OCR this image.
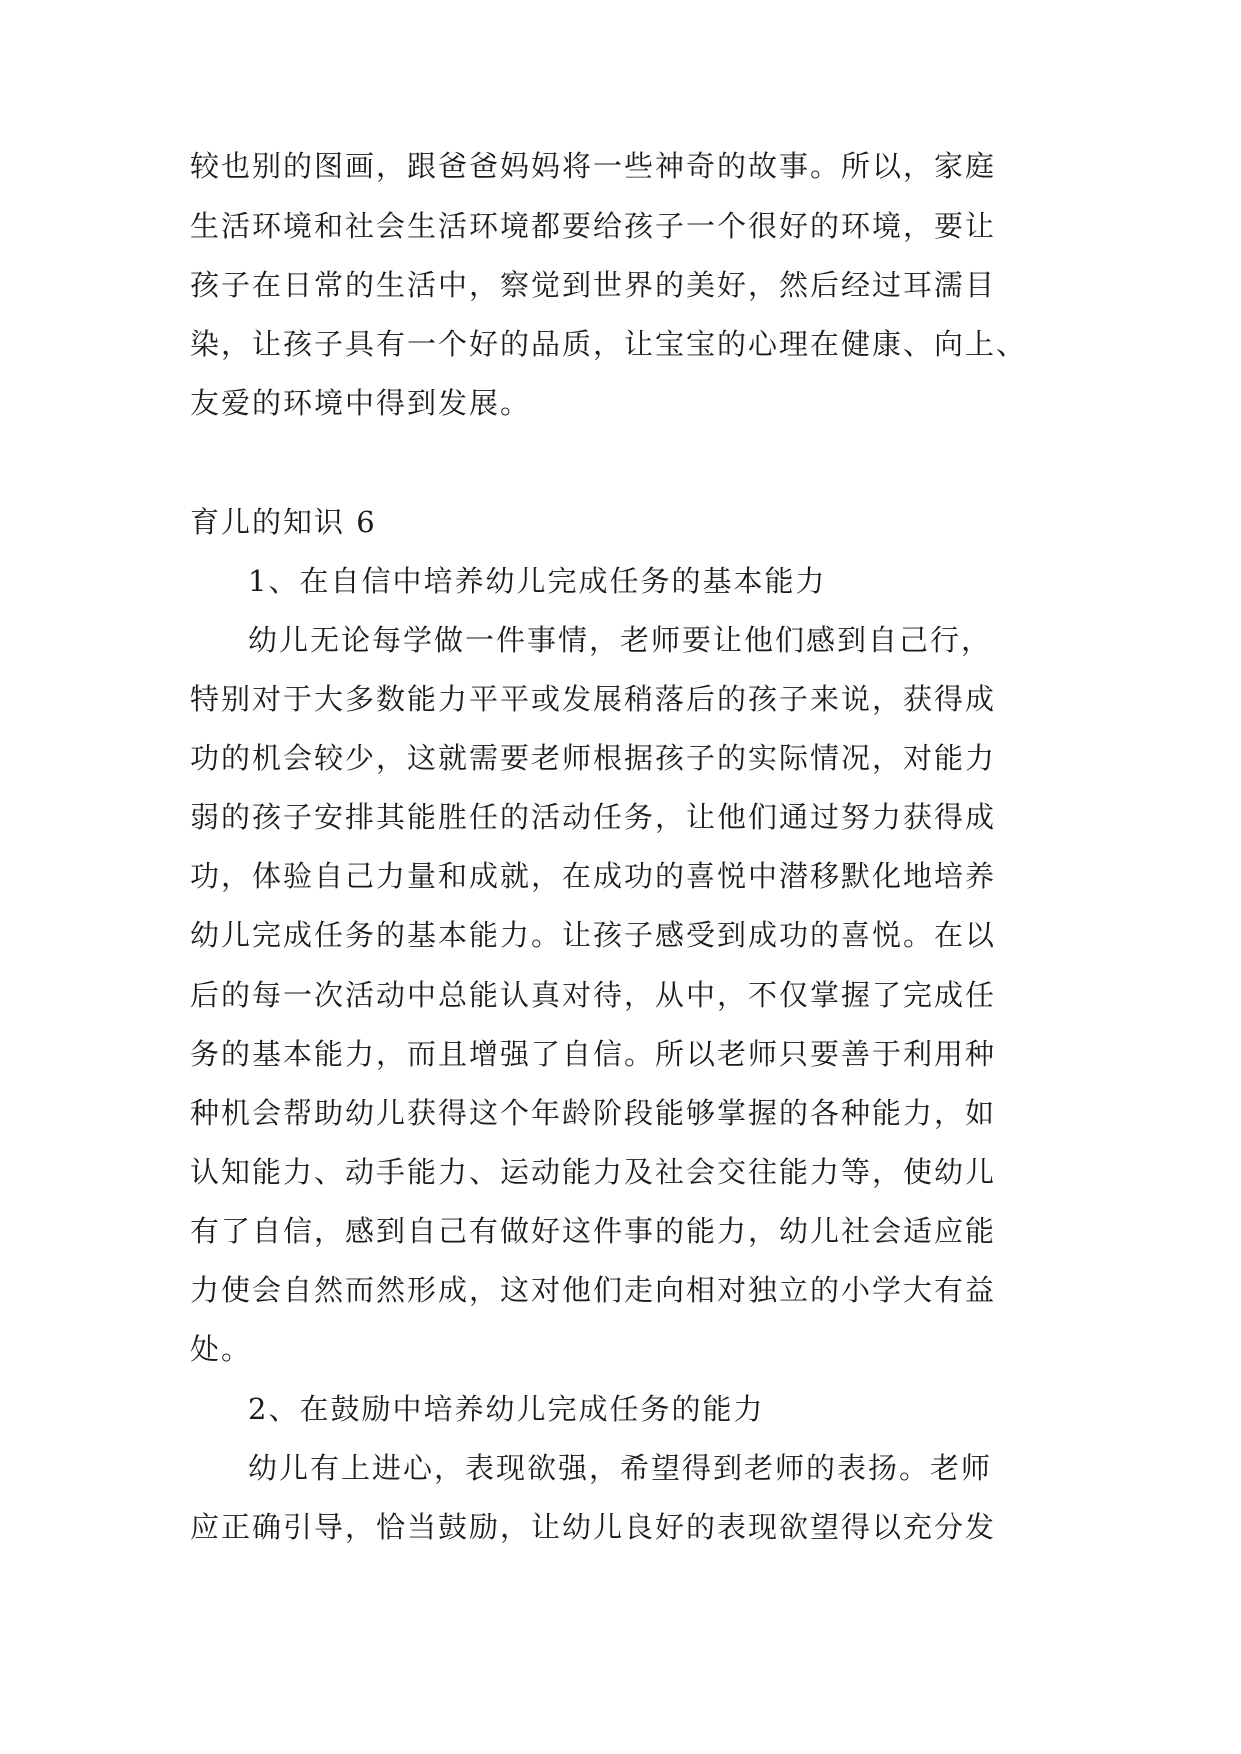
较也别的图画，跟爸爸妈妈将一些神奇的故事。所以，家庭
生活环境和社会生活环境都要给孩子一个很好的环境，要让
孩子在日常的生活中，察觉到世界的美好，然后经过耳濡目
染，让孩子具有一个好的品质，让宝宝的心理在健康、向上、
友爱的环境中得到发展。
育儿的知识 6
1、在自信中培养幼儿完成任务的基本能力
幼儿无论每学做一件事情，老师要让他们感到自己行，
特别对于大多数能力平平或发展稍落后的孩子来说，获得成
功的机会较少，这就需要老师根据孩子的实际情况，对能力
弱的孩子安排其能胜任的活动任务，让他们通过努力获得成
功，体验自己力量和成就，在成功的喜悦中潜移默化地培养
幼儿完成任务的基本能力。让孩子感受到成功的喜悦。在以
后的每一次活动中总能认真对待，从中，不仅掌握了完成任
务的基本能力，而且增强了自信。所以老师只要善于利用种
种机会帮助幼儿获得这个年龄阶段能够掌握的各种能力，如
认知能力、动手能力、运动能力及社会交往能力等，使幼儿
有了自信，感到自己有做好这件事的能力，幼儿社会适应能
力使会自然而然形成，这对他们走向相对独立的小学大有益
处。
2、在鼓励中培养幼儿完成任务的能力
幼儿有上进心，表现欲强，希望得到老师的表扬。老师
应正确引导，恰当鼓励，让幼儿良好的表现欲望得以充分发
